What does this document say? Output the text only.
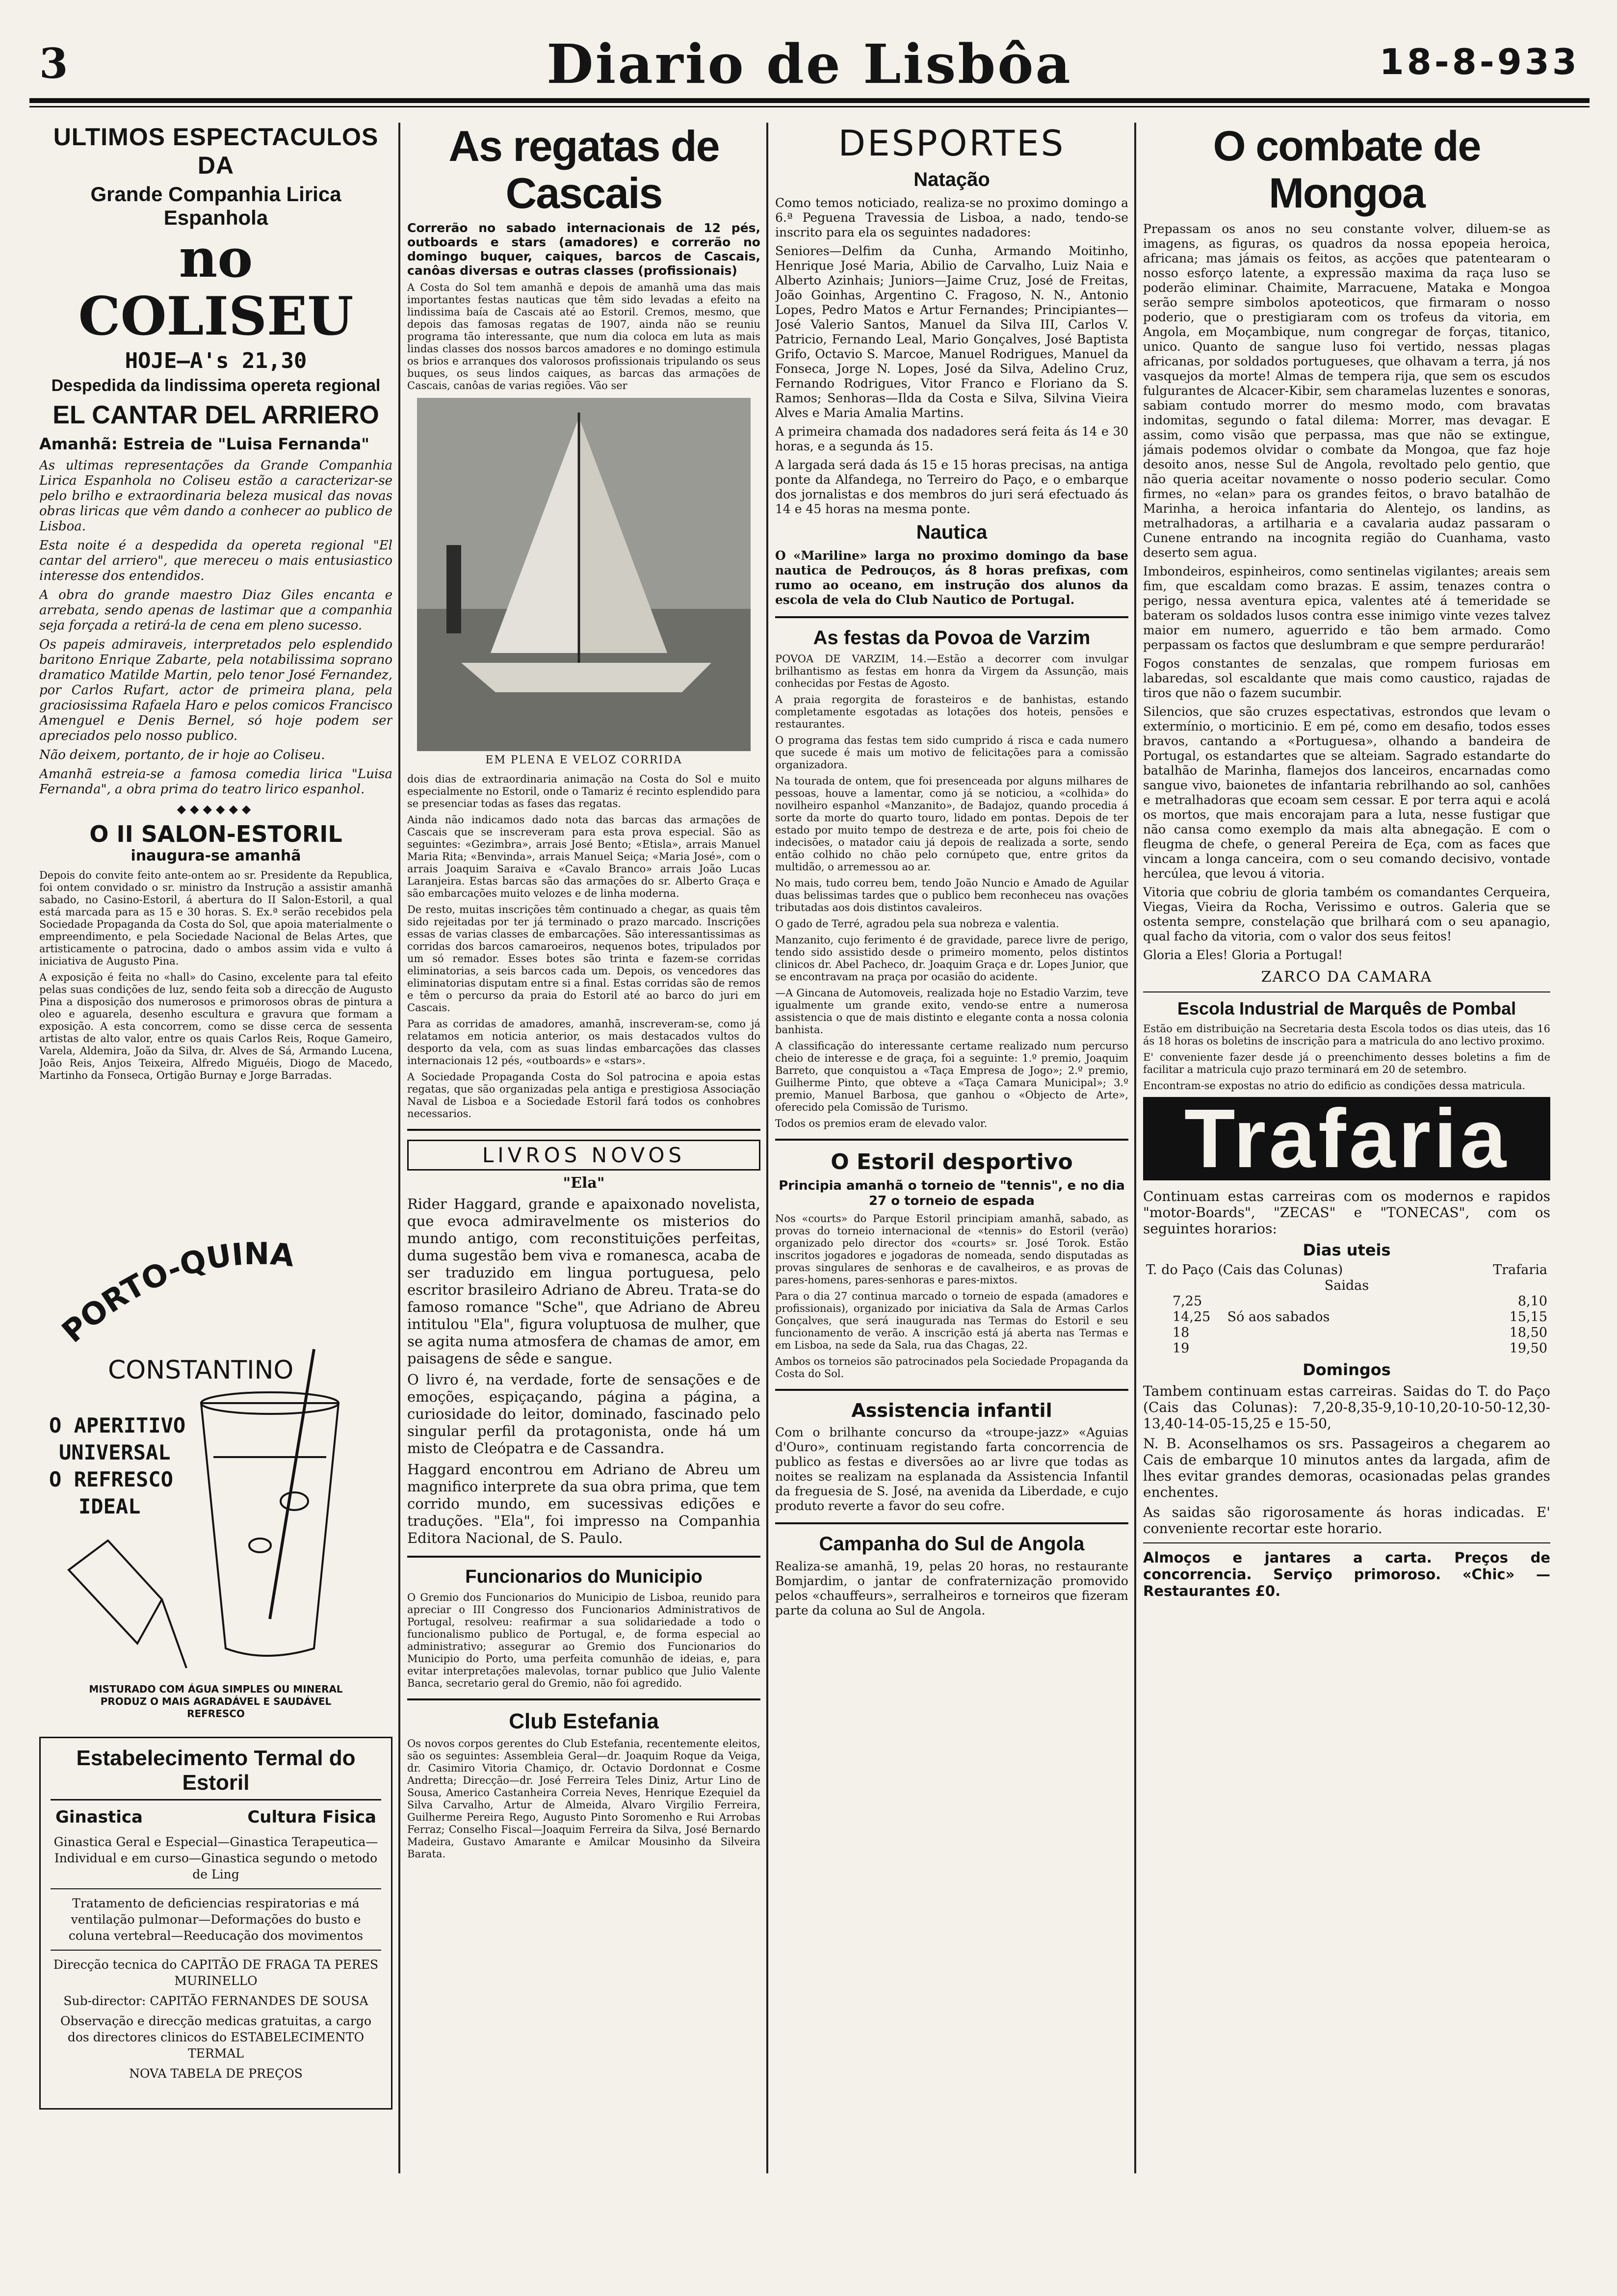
3	Diario de Lisbôa	18-8-933
ULTIMOS ESPECTACULOS DA
Grande Companhia Lirica Espanhola
no COLISEU
HOJE—A's 21,30
Despedida da lindissima opereta regional
EL CANTAR DEL ARRIERO
Amanhã: Estreia de "Luisa Fernanda"

As ultimas representações da Grande Companhia Lirica Espanhola no Coliseu estão a caracterizar-se pelo brilho e extraordinaria beleza musical das novas obras liricas que vêm dando a conhecer ao publico de Lisboa.

Esta noite é a despedida da opereta regional "El cantar del arriero", que mereceu o mais entusiastico interesse dos entendidos.

A obra do grande maestro Diaz Giles encanta e arrebata, sendo apenas de lastimar que a companhia seja forçada a retirá-la de cena em pleno sucesso.

Os papeis admiraveis, interpretados pelo esplendido baritono Enrique Zabarte, pela notabilissima soprano dramatico Matilde Martin, pelo tenor José Fernandez, por Carlos Rufart, actor de primeira plana, pela graciosissima Rafaela Haro e pelos comicos Francisco Amenguel e Denis Bernel, só hoje podem ser apreciados pelo nosso publico.

Não deixem, portanto, de ir hoje ao Coliseu.

Amanhã estreia-se a famosa comedia lirica "Luisa Fernanda", a obra prima do teatro lirico espanhol.

◆◆◆◆◆◆
O II SALON-ESTORIL
inaugura-se amanhã

Depois do convite feito ante-ontem ao sr. Presidente da Republica, foi ontem convidado o sr. ministro da Instrução a assistir amanhã sabado, no Casino-Estoril, á abertura do II Salon-Estoril, a qual está marcada para as 15 e 30 horas. S. Ex.ª serão recebidos pela Sociedade Propaganda da Costa do Sol, que apoia materialmente o empreendimento, e pela Sociedade Nacional de Belas Artes, que artisticamente o patrocina, dado o ambos assim vida e vulto á iniciativa de Augusto Pina.

A exposição é feita no «hall» do Casino, excelente para tal efeito pelas suas condições de luz, sendo feita sob a direcção de Augusto Pina a disposição dos numerosos e primorosos obras de pintura a oleo e aguarela, desenho escultura e gravura que formam a exposição. A esta concorrem, como se disse cerca de sessenta artistas de alto valor, entre os quais Carlos Reis, Roque Gameiro, Varela, Aldemira, João da Silva, dr. Alves de Sá, Armando Lucena, João Reis, Anjos Teixeira, Alfredo Miguéis, Diogo de Macedo, Martinho da Fonseca, Ortigão Burnay e Jorge Barradas.

PORTO-QUINA
CONSTANTINO
O APERITIVO
UNIVERSAL
O REFRESCO
IDEAL
MISTURADO COM ÁGUA SIMPLES OU MINERAL
PRODUZ O MAIS AGRADÁVEL E SAUDÁVEL
REFRESCO
Estabelecimento Termal do Estoril
Ginastica	Cultura Fisica

Ginastica Geral e Especial—Ginastica Terapeutica—Individual e em curso—Ginastica segundo o metodo de Ling

Tratamento de deficiencias respiratorias e má ventilação pulmonar—Deformações do busto e coluna vertebral—Reeducação dos movimentos

Direcção tecnica do CAPITÃO DE FRAGA TA PERES MURINELLO

Sub-director: CAPITÃO FERNANDES DE SOUSA

Observação e direcção medicas gratuitas, a cargo dos directores clinicos do ESTABELECIMENTO TERMAL

NOVA TABELA DE PREÇOS

As regatas de Cascais
Correrão no sabado internacionais de 12 pés, outboards e stars (amadores) e correrão no domingo buquer, caiques, barcos de Cascais, canôas diversas e outras classes (profissionais)

A Costa do Sol tem amanhã e depois de amanhã uma das mais importantes festas nauticas que têm sido levadas a efeito na lindissima baía de Cascais até ao Estoril. Cremos, mesmo, que depois das famosas regatas de 1907, ainda não se reuniu programa tão interessante, que num dia coloca em luta as mais lindas classes dos nossos barcos amadores e no domingo estimula os brios e arranques dos valorosos profissionais tripulando os seus buques, os seus lindos caiques, as barcas das armações de Cascais, canôas de varias regiões. Vão ser

EM PLENA E VELOZ CORRIDA

dois dias de extraordinaria animação na Costa do Sol e muito especialmente no Estoril, onde o Tamariz é recinto esplendido para se presenciar todas as fases das regatas.

Ainda não indicamos dado nota das barcas das armações de Cascais que se inscreveram para esta prova especial. São as seguintes: «Gezimbra», arrais José Bento; «Etisla», arrais Manuel Maria Rita; «Benvinda», arrais Manuel Seiça; «Maria José», com o arrais Joaquim Saraiva e «Cavalo Branco» arrais João Lucas Laranjeira. Estas barcas são das armações do sr. Alberto Graça e são embarcações muito velozes e de linha moderna.

De resto, muitas inscrições têm continuado a chegar, as quais têm sido rejeitadas por ter já terminado o prazo marcado. Inscrições essas de varias classes de embarcações. São interessantissimas as corridas dos barcos camaroeiros, nequenos botes, tripulados por um só remador. Esses botes são trinta e fazem-se corridas eliminatorias, a seis barcos cada um. Depois, os vencedores das eliminatorias disputam entre si a final. Estas corridas são de remos e têm o percurso da praia do Estoril até ao barco do juri em Cascais.

Para as corridas de amadores, amanhã, inscreveram-se, como já relatamos em noticia anterior, os mais destacados vultos do desporto da vela, com as suas lindas embarcações das classes internacionais 12 pés, «outboards» e «stars».

A Sociedade Propaganda Costa do Sol patrocina e apoia estas regatas, que são organizadas pela antiga e prestigiosa Associação Naval de Lisboa e a Sociedade Estoril fará todos os conhobres necessarios.

LIVROS NOVOS
"Ela"

Rider Haggard, grande e apaixonado novelista, que evoca admiravelmente os misterios do mundo antigo, com reconstituições perfeitas, duma sugestão bem viva e romanesca, acaba de ser traduzido em lingua portuguesa, pelo escritor brasileiro Adriano de Abreu. Trata-se do famoso romance "Sche", que Adriano de Abreu intitulou "Ela", figura voluptuosa de mulher, que se agita numa atmosfera de chamas de amor, em paisagens de sêde e sangue.

O livro é, na verdade, forte de sensações e de emoções, espiçaçando, página a página, a curiosidade do leitor, dominado, fascinado pelo singular perfil da protagonista, onde há um misto de Cleópatra e de Cassandra.

Haggard encontrou em Adriano de Abreu um magnifico interprete da sua obra prima, que tem corrido mundo, em sucessivas edições e traduções. "Ela", foi impresso na Companhia Editora Nacional, de S. Paulo.

Funcionarios do Municipio

O Gremio dos Funcionarios do Municipio de Lisboa, reunido para apreciar o III Congresso dos Funcionarios Administrativos de Portugal, resolveu: reafirmar a sua solidariedade a todo o funcionalismo publico de Portugal, e, de forma especial ao administrativo; assegurar ao Gremio dos Funcionarios do Municipio do Porto, uma perfeita comunhão de ideias, e, para evitar interpretações malevolas, tornar publico que Julio Valente Banca, secretario geral do Gremio, não foi agredido.

Club Estefania

Os novos corpos gerentes do Club Estefania, recentemente eleitos, são os seguintes: Assembleia Geral—dr. Joaquim Roque da Veiga, dr. Casimiro Vitoria Chamiço, dr. Octavio Dordonnat e Cosme Andretta; Direcção—dr. José Ferreira Teles Diniz, Artur Lino de Sousa, Americo Castanheira Correia Neves, Henrique Ezequiel da Silva Carvalho, Artur de Almeida, Alvaro Virgilio Ferreira, Guilherme Pereira Rego, Augusto Pinto Soromenho e Rui Arrobas Ferraz; Conselho Fiscal—Joaquim Ferreira da Silva, José Bernardo Madeira, Gustavo Amarante e Amilcar Mousinho da Silveira Barata.

DESPORTES
Natação

Como temos noticiado, realiza-se no proximo domingo a 6.ª Peguena Travessia de Lisboa, a nado, tendo-se inscrito para ela os seguintes nadadores:

Seniores—Delfim da Cunha, Armando Moitinho, Henrique José Maria, Abilio de Carvalho, Luiz Naia e Alberto Azinhais; Juniors—Jaime Cruz, José de Freitas, João Goinhas, Argentino C. Fragoso, N. N., Antonio Lopes, Pedro Matos e Artur Fernandes; Principiantes—José Valerio Santos, Manuel da Silva III, Carlos V. Patricio, Fernando Leal, Mario Gonçalves, José Baptista Grifo, Octavio S. Marcoe, Manuel Rodrigues, Manuel da Fonseca, Jorge N. Lopes, José da Silva, Adelino Cruz, Fernando Rodrigues, Vitor Franco e Floriano da S. Ramos; Senhoras—Ilda da Costa e Silva, Silvina Vieira Alves e Maria Amalia Martins.

A primeira chamada dos nadadores será feita ás 14 e 30 horas, e a segunda ás 15.

A largada será dada ás 15 e 15 horas precisas, na antiga ponte da Alfandega, no Terreiro do Paço, e o embarque dos jornalistas e dos membros do juri será efectuado ás 14 e 45 horas na mesma ponte.

Nautica

O «Mariline» larga no proximo domingo da base nautica de Pedrouços, ás 8 horas prefixas, com rumo ao oceano, em instrução dos alunos da escola de vela do Club Nautico de Portugal.

As festas da Povoa de Varzim

POVOA DE VARZIM, 14.—Estão a decorrer com invulgar brilhantismo as festas em honra da Virgem da Assunção, mais conhecidas por Festas de Agosto.

A praia regorgita de forasteiros e de banhistas, estando completamente esgotadas as lotações dos hoteis, pensões e restaurantes.

O programa das festas tem sido cumprido á risca e cada numero que sucede é mais um motivo de felicitações para a comissão organizadora.

Na tourada de ontem, que foi presenceada por alguns milhares de pessoas, houve a lamentar, como já se noticiou, a «colhida» do novilheiro espanhol «Manzanito», de Badajoz, quando procedia á sorte da morte do quarto touro, lidado em pontas. Depois de ter estado por muito tempo de destreza e de arte, pois foi cheio de indecisões, o matador caiu já depois de realizada a sorte, sendo então colhido no chão pelo cornúpeto que, entre gritos da multidão, o arremessou ao ar.

No mais, tudo correu bem, tendo João Nuncio e Amado de Aguilar duas belissimas tardes que o publico bem reconheceu nas ovações tributadas aos dois distintos cavaleiros.

O gado de Terré, agradou pela sua nobreza e valentia.

Manzanito, cujo ferimento é de gravidade, parece livre de perigo, tendo sido assistido desde o primeiro momento, pelos distintos clinicos dr. Abel Pacheco, dr. Joaquim Graça e dr. Lopes Junior, que se encontravam na praça por ocasião do acidente.

—A Gincana de Automoveis, realizada hoje no Estadio Varzim, teve igualmente um grande exito, vendo-se entre a numerosa assistencia o que de mais distinto e elegante conta a nossa colonia banhista.

A classificação do interessante certame realizado num percurso cheio de interesse e de graça, foi a seguinte: 1.º premio, Joaquim Barreto, que conquistou a «Taça Empresa de Jogo»; 2.º premio, Guilherme Pinto, que obteve a «Taça Camara Municipal»; 3.º premio, Manuel Barbosa, que ganhou o «Objecto de Arte», oferecido pela Comissão de Turismo.

Todos os premios eram de elevado valor.

O Estoril desportivo
Principia amanhã o torneio de "tennis", e no dia 27 o torneio de espada

Nos «courts» do Parque Estoril principiam amanhã, sabado, as provas do torneio internacional de «tennis» do Estoril (verão) organizado pelo director dos «courts» sr. José Torok. Estão inscritos jogadores e jogadoras de nomeada, sendo disputadas as provas singulares de senhoras e de cavalheiros, e as provas de pares-homens, pares-senhoras e pares-mixtos.

Para o dia 27 continua marcado o torneio de espada (amadores e profissionais), organizado por iniciativa da Sala de Armas Carlos Gonçalves, que será inaugurada nas Termas do Estoril e seu funcionamento de verão. A inscrição está já aberta nas Termas e em Lisboa, na sede da Sala, rua das Chagas, 22.

Ambos os torneios são patrocinados pela Sociedade Propaganda da Costa do Sol.

Assistencia infantil

Com o brilhante concurso da «troupe-jazz» «Aguias d'Ouro», continuam registando farta concorrencia de publico as festas e diversões ao ar livre que todas as noites se realizam na esplanada da Assistencia Infantil da freguesia de S. José, na avenida da Liberdade, e cujo produto reverte a favor do seu cofre.

Campanha do Sul de Angola

Realiza-se amanhã, 19, pelas 20 horas, no restaurante Bomjardim, o jantar de confraternização promovido pelos «chauffeurs», serralheiros e torneiros que fizeram parte da coluna ao Sul de Angola.

O combate de Mongoa

Prepassam os anos no seu constante volver, diluem-se as imagens, as figuras, os quadros da nossa epopeia heroica, africana; mas jámais os feitos, as acções que patentearam o nosso esforço latente, a expressão maxima da raça luso se poderão eliminar. Chaimite, Marracuene, Mataka e Mongoa serão sempre simbolos apoteoticos, que firmaram o nosso poderio, que o prestigiaram com os trofeus da vitoria, em Angola, em Moçambique, num congregar de forças, titanico, unico. Quanto de sangue luso foi vertido, nessas plagas africanas, por soldados portugueses, que olhavam a terra, já nos vasquejos da morte! Almas de tempera rija, que sem os escudos fulgurantes de Alcacer-Kibir, sem charamelas luzentes e sonoras, sabiam contudo morrer do mesmo modo, com bravatas indomitas, segundo o fatal dilema: Morrer, mas devagar. E assim, como visão que perpassa, mas que não se extingue, jámais podemos olvidar o combate da Mongoa, que faz hoje desoito anos, nesse Sul de Angola, revoltado pelo gentio, que não queria aceitar novamente o nosso poderio secular. Como firmes, no «elan» para os grandes feitos, o bravo batalhão de Marinha, a heroica infantaria do Alentejo, os landins, as metralhadoras, a artilharia e a cavalaria audaz passaram o Cunene entrando na incognita região do Cuanhama, vasto deserto sem agua.

Imbondeiros, espinheiros, como sentinelas vigilantes; areais sem fim, que escaldam como brazas. E assim, tenazes contra o perigo, nessa aventura epica, valentes até á temeridade se bateram os soldados lusos contra esse inimigo vinte vezes talvez maior em numero, aguerrido e tão bem armado. Como perpassam os factos que deslumbram e que sempre perdurarão!

Fogos constantes de senzalas, que rompem furiosas em labaredas, sol escaldante que mais como caustico, rajadas de tiros que não o fazem sucumbir.

Silencios, que são cruzes espectativas, estrondos que levam o extermínio, o morticinio. E em pé, como em desafio, todos esses bravos, cantando a «Portuguesa», olhando a bandeira de Portugal, os estandartes que se alteiam. Sagrado estandarte do batalhão de Marinha, flamejos dos lanceiros, encarnadas como sangue vivo, baionetes de infantaria rebrilhando ao sol, canhões e metralhadoras que ecoam sem cessar. E por terra aqui e acolá os mortos, que mais encorajam para a luta, nesse fustigar que não cansa como exemplo da mais alta abnegação. E com o fleugma de chefe, o general Pereira de Eça, com as faces que vincam a longa canceira, com o seu comando decisivo, vontade hercúlea, que levou á vitoria.

Vitoria que cobriu de gloria também os comandantes Cerqueira, Viegas, Vieira da Rocha, Verissimo e outros. Galeria que se ostenta sempre, constelação que brilhará com o seu apanagio, qual facho da vitoria, com o valor dos seus feitos!

Gloria a Eles! Gloria a Portugal!

ZARCO DA CAMARA
Escola Industrial de Marquês de Pombal

Estão em distribuição na Secretaria desta Escola todos os dias uteis, das 16 ás 18 horas os boletins de inscrição para a matricula do ano lectivo proximo.

E' conveniente fazer desde já o preenchimento desses boletins a fim de facilitar a matricula cujo prazo terminará em 20 de setembro.

Encontram-se expostas no atrio do edificio as condições dessa matricula.

Trafaria

Continuam estas carreiras com os modernos e rapidos "motor-Boards", "ZECAS" e "TONECAS", com os seguintes horarios:

Dias uteis
T. do Paço (Cais das Colunas)	Trafaria
Saidas	
7,25	8,10
14,25 Só aos sabados	15,15
18	18,50
19	19,50
Domingos

Tambem continuam estas carreiras. Saidas do T. do Paço (Cais das Colunas): 7,20-8,35-9,10-10,20-10-50-12,30-13,40-14-05-15,25 e 15-50,

N. B. Aconselhamos os srs. Passageiros a chegarem ao Cais de embarque 10 minutos antes da largada, afim de lhes evitar grandes demoras, ocasionadas pelas grandes enchentes.

As saidas são rigorosamente ás horas indicadas. E' conveniente recortar este horario.

Almoços e jantares a carta. Preços de concorrencia. Serviço primoroso. «Chic» — Restaurantes £0.
